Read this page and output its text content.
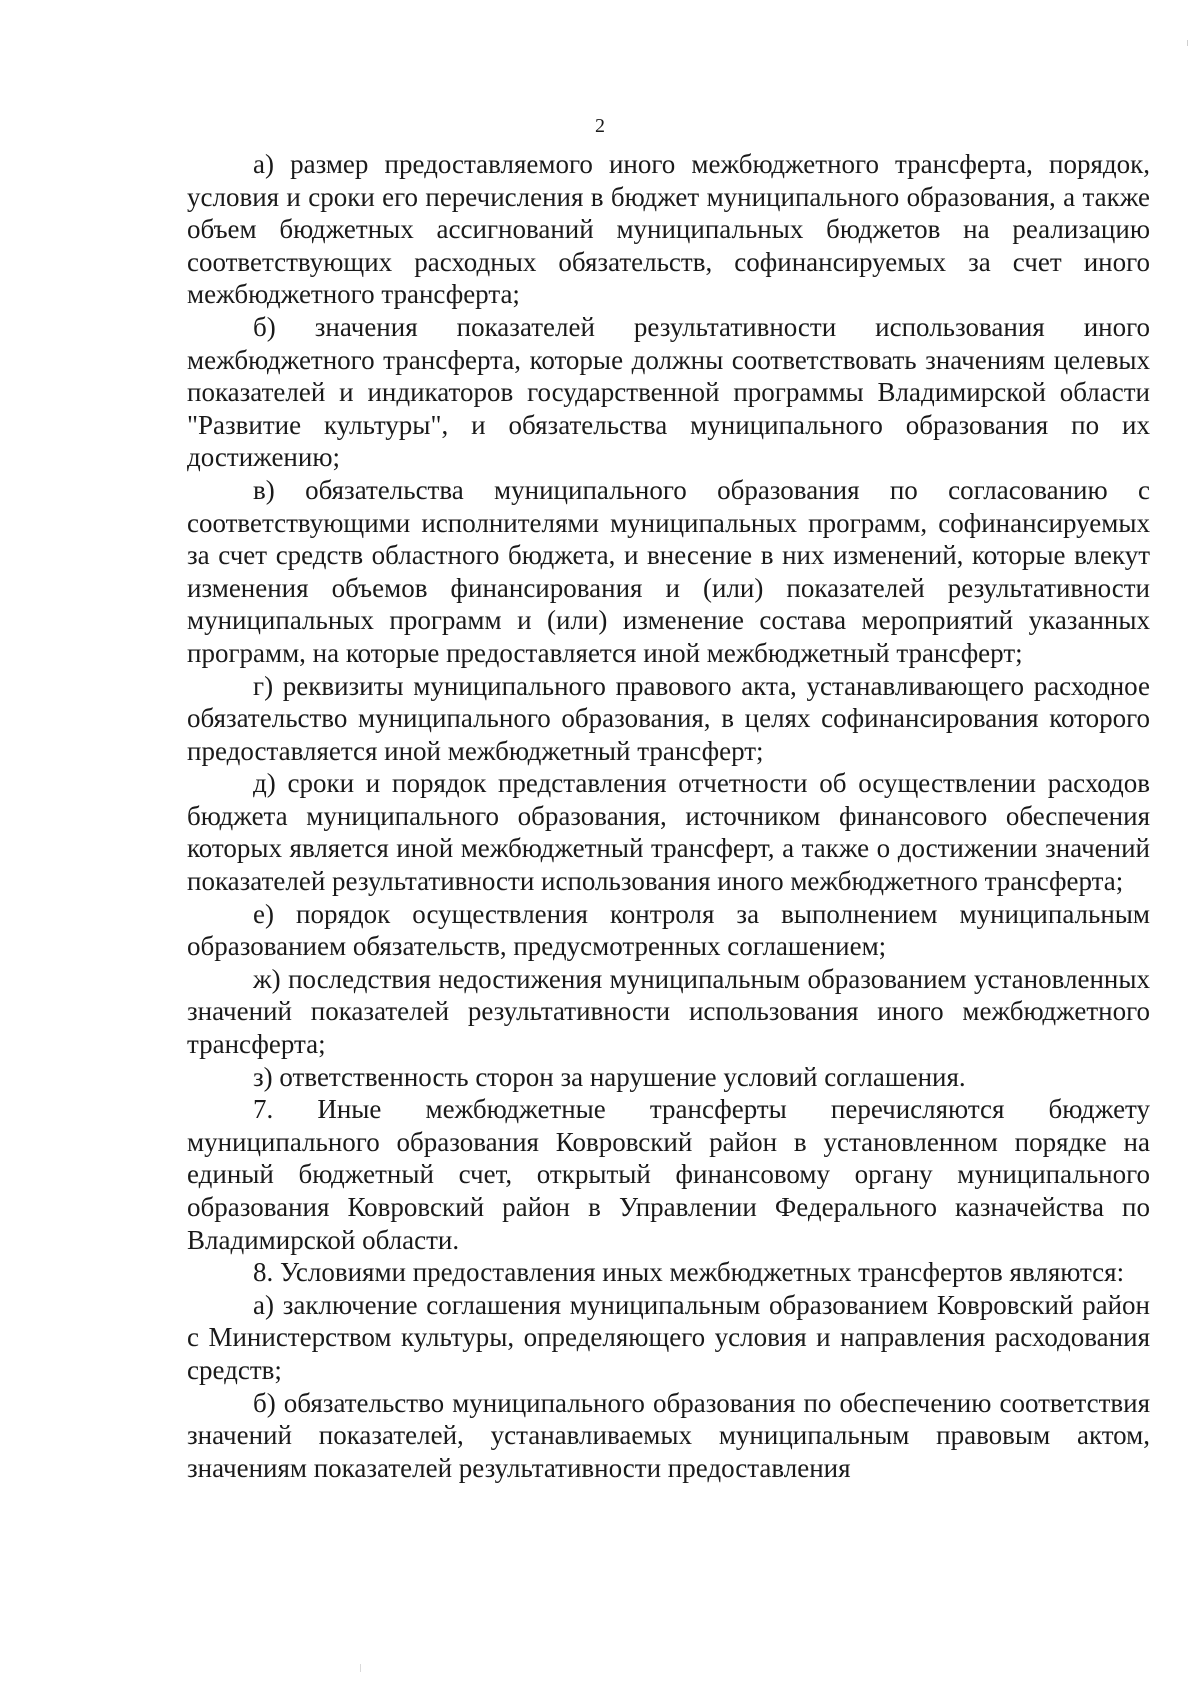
2

а) размер предоставляемого иного межбюджетного трансферта, порядок, условия и сроки его перечисления в бюджет муниципального образования, а также объем бюджетных ассигнований муниципальных бюджетов на реализацию соответствующих расходных обязательств, софинансируемых за счет иного межбюджетного трансферта;

б) значения показателей результативности использования иного межбюджетного трансферта, которые должны соответствовать значениям целевых показателей и индикаторов государственной программы Владимирской области "Развитие культуры", и обязательства муниципального образования по их достижению;

в) обязательства муниципального образования по согласованию с соответствующими исполнителями муниципальных программ, софинансируемых за счет средств областного бюджета, и внесение в них изменений, которые влекут изменения объемов финансирования и (или) показателей результативности муниципальных программ и (или) изменение состава мероприятий указанных программ, на которые предоставляется иной межбюджетный трансферт;

г) реквизиты муниципального правового акта, устанавливающего расходное обязательство муниципального образования, в целях софинансирования которого предоставляется иной межбюджетный трансферт;

д) сроки и порядок представления отчетности об осуществлении расходов бюджета муниципального образования, источником финансового обеспечения которых является иной межбюджетный трансферт, а также о достижении значений показателей результативности использования иного межбюджетного трансферта;

е) порядок осуществления контроля за выполнением муниципальным образованием обязательств, предусмотренных соглашением;

ж) последствия недостижения муниципальным образованием установленных значений показателей результативности использования иного межбюджетного трансферта;

з) ответственность сторон за нарушение условий соглашения.

7. Иные межбюджетные трансферты перечисляются бюджету муниципального образования Ковровский район в установленном порядке на единый бюджетный счет, открытый финансовому органу муниципального образования Ковровский район в Управлении Федерального казначейства по Владимирской области.

8. Условиями предоставления иных межбюджетных трансфертов являются:

а) заключение соглашения муниципальным образованием Ковровский район с Министерством культуры, определяющего условия и направления расходования средств;

б) обязательство муниципального образования по обеспечению соответствия значений показателей, устанавливаемых муниципальным правовым актом, значениям показателей результативности предоставления
